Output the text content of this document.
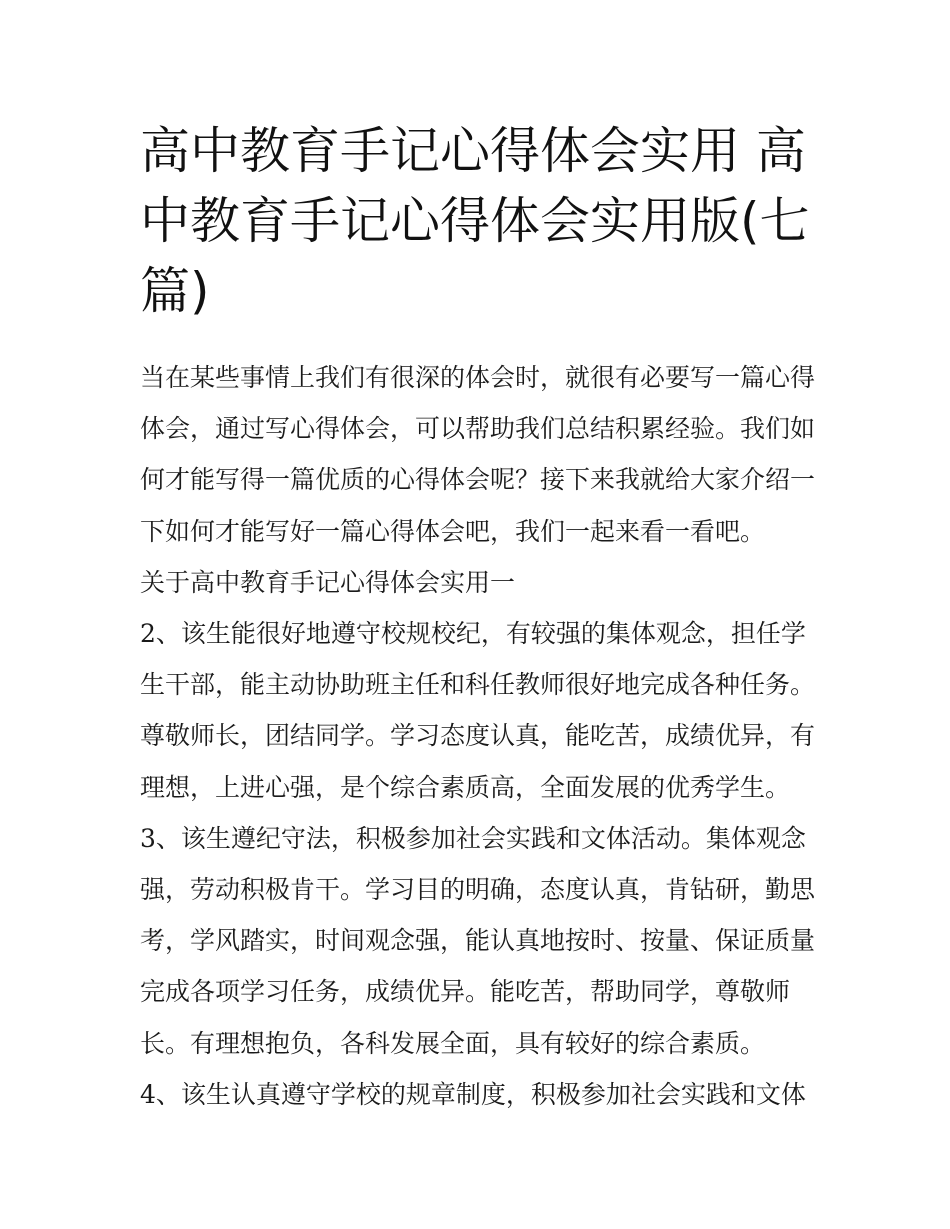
高中教育手记心得体会实用 高中教育手记心得体会实用版(七篇)

当在某些事情上我们有很深的体会时，就很有必要写一篇心得体会，通过写心得体会，可以帮助我们总结积累经验。我们如何才能写得一篇优质的心得体会呢？接下来我就给大家介绍一下如何才能写好一篇心得体会吧，我们一起来看一看吧。

关于高中教育手记心得体会实用一

2、该生能很好地遵守校规校纪，有较强的集体观念，担任学生干部，能主动协助班主任和科任教师很好地完成各种任务。尊敬师长，团结同学。学习态度认真，能吃苦，成绩优异，有理想，上进心强，是个综合素质高，全面发展的优秀学生。

3、该生遵纪守法，积极参加社会实践和文体活动。集体观念强，劳动积极肯干。学习目的明确，态度认真，肯钻研，勤思考，学风踏实，时间观念强，能认真地按时、按量、保证质量完成各项学习任务，成绩优异。能吃苦，帮助同学，尊敬师长。有理想抱负，各科发展全面，具有较好的综合素质。

4、该生认真遵守学校的规章制度，积极参加社会实践和文体
